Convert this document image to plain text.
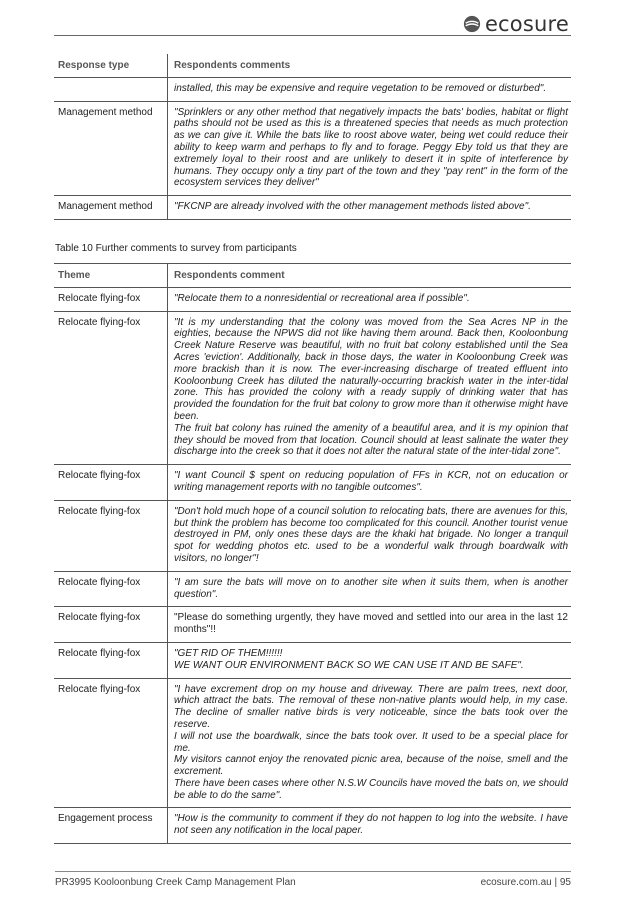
ecosure
Response type	Respondents comments

	installed, this may be expensive and require vegetation to be removed or disturbed".

Management method	"Sprinklers or any other method that negatively impacts the bats' bodies, habitat or flight paths should not be used as this is a threatened species that needs as much protection as we can give it. While the bats like to roost above water, being wet could reduce their ability to keep warm and perhaps to fly and to forage. Peggy Eby told us that they are extremely loyal to their roost and are unlikely to desert it in spite of interference by humans. They occupy only a tiny part of the town and they "pay rent" in the form of the ecosystem services they deliver"

Management method	"FKCNP are already involved with the other management methods listed above".

Table 10 Further comments to survey from participants
Theme	Respondents comment
Relocate flying-fox	"Relocate them to a nonresidential or recreational area if possible".

Relocate flying-fox	"It is my understanding that the colony was moved from the Sea Acres NP in the eighties, because the NPWS did not like having them around. Back then, Kooloonbung Creek Nature Reserve was beautiful, with no fruit bat colony established until the Sea Acres 'eviction'. Additionally, back in those days, the water in Kooloonbung Creek was more brackish than it is now. The ever-increasing discharge of treated effluent into Kooloonbung Creek has diluted the naturally-occurring brackish water in the inter-tidal zone. This has provided the colony with a ready supply of drinking water that has provided the foundation for the fruit bat colony to grow more than it otherwise might have been.

The fruit bat colony has ruined the amenity of a beautiful area, and it is my opinion that they should be moved from that location. Council should at least salinate the water they discharge into the creek so that it does not alter the natural state of the inter-tidal zone".

Relocate flying-fox	"I want Council $ spent on reducing population of FFs in KCR, not on education or writing management reports with no tangible outcomes".

Relocate flying-fox	"Don't hold much hope of a council solution to relocating bats, there are avenues for this, but think the problem has become too complicated for this council. Another tourist venue destroyed in PM, only ones these days are the khaki hat brigade. No longer a tranquil spot for wedding photos etc. used to be a wonderful walk through boardwalk with visitors, no longer"!

Relocate flying-fox	"I am sure the bats will move on to another site when it suits them, when is another question".

Relocate flying-fox	"Please do something urgently, they have moved and settled into our area in the last 12 months"!!

Relocate flying-fox	"GET RID OF THEM!!!!!!

WE WANT OUR ENVIRONMENT BACK SO WE CAN USE IT AND BE SAFE".

Relocate flying-fox	"I have excrement drop on my house and driveway. There are palm trees, next door, which attract the bats. The removal of these non-native plants would help, in my case. The decline of smaller native birds is very noticeable, since the bats took over the reserve.

I will not use the boardwalk, since the bats took over. It used to be a special place for me.

My visitors cannot enjoy the renovated picnic area, because of the noise, smell and the excrement.

There have been cases where other N.S.W Councils have moved the bats on, we should be able to do the same".

Engagement process	"How is the community to comment if they do not happen to log into the website. I have not seen any notification in the local paper.

PR3995 Kooloonbung Creek Camp Management Plan	ecosure.com.au | 95
